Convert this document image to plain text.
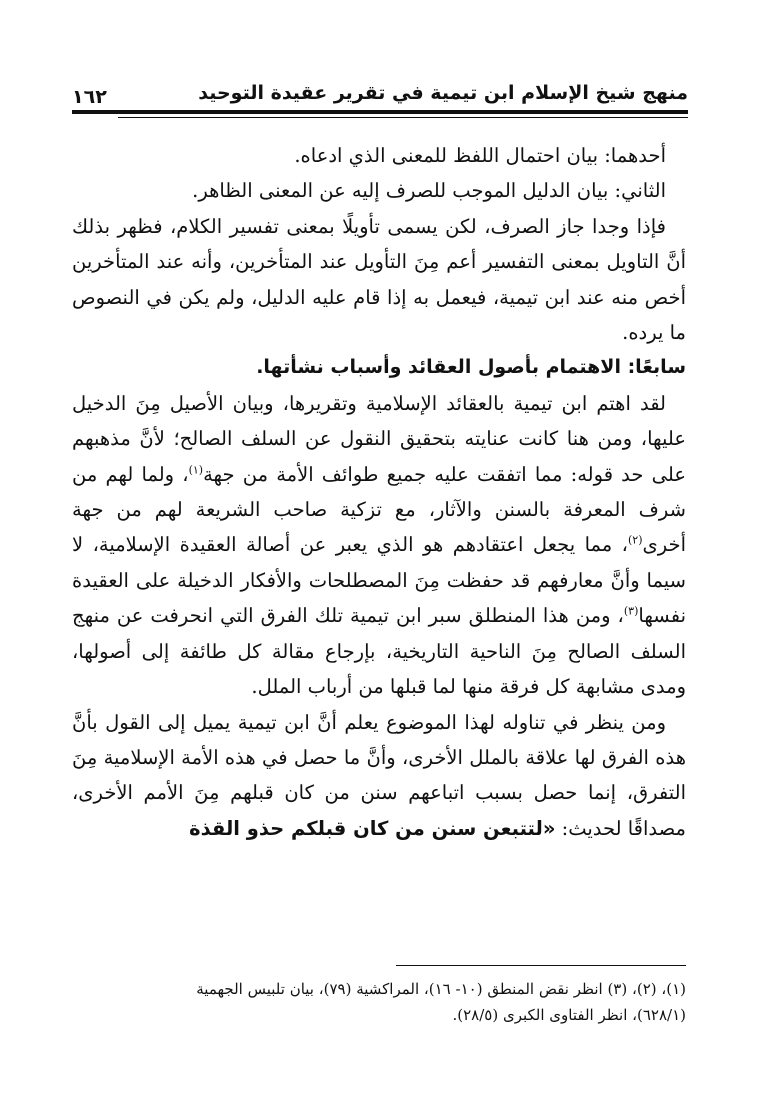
منهج شيخ الإسلام ابن تيمية في تقرير عقيدة التوحيد
١٦٢

أحدهما: بيان احتمال اللفظ للمعنى الذي ادعاه.

الثاني: بيان الدليل الموجب للصرف إليه عن المعنى الظاهر.

فإذا وجدا جاز الصرف، لكن يسمى تأويلًا بمعنى تفسير الكلام، فظهر بذلك أنَّ التاويل بمعنى التفسير أعم مِنَ التأويل عند المتأخرين، وأنه عند المتأخرين أخص منه عند ابن تيمية، فيعمل به إذا قام عليه الدليل، ولم يكن في النصوص ما يرده.

سابعًا: الاهتمام بأصول العقائد وأسباب نشأتها.

لقد اهتم ابن تيمية بالعقائد الإسلامية وتقريرها، وبيان الأصيل مِنَ الدخيل عليها، ومن هنا كانت عنايته بتحقيق النقول عن السلف الصالح؛ لأنَّ مذهبهم على حد قوله: مما اتفقت عليه جميع طوائف الأمة من جهة$^{(١)}$، ولما لهم من شرف المعرفة بالسنن والآثار، مع تزكية صاحب الشريعة لهم من جهة أخرى$^{(٢)}$، مما يجعل اعتقادهم هو الذي يعبر عن أصالة العقيدة الإسلامية، لا سيما وأنَّ معارفهم قد حفظت مِنَ المصطلحات والأفكار الدخيلة على العقيدة نفسها$^{(٣)}$، ومن هذا المنطلق سبر ابن تيمية تلك الفرق التي انحرفت عن منهج السلف الصالح مِنَ الناحية التاريخية، بإرجاع مقالة كل طائفة إلى أصولها، ومدى مشابهة كل فرقة منها لما قبلها من أرباب الملل.

ومن ينظر في تناوله لهذا الموضوع يعلم أنَّ ابن تيمية يميل إلى القول بأنَّ هذه الفرق لها علاقة بالملل الأخرى، وأنَّ ما حصل في هذه الأمة الإسلامية مِنَ التفرق، إنما حصل بسبب اتباعهم سنن من كان قبلهم مِنَ الأمم الأخرى، مصداقًا لحديث: «لتتبعن سنن من كان قبلكم حذو القذة

(١)، (٢)، (٣) انظر نقض المنطق (١٠- ١٦)، المراكشية (٧٩)، بيان تلبيس الجهمية

(٦٢٨/١)، انظر الفتاوى الكبرى (٢٨/٥).
